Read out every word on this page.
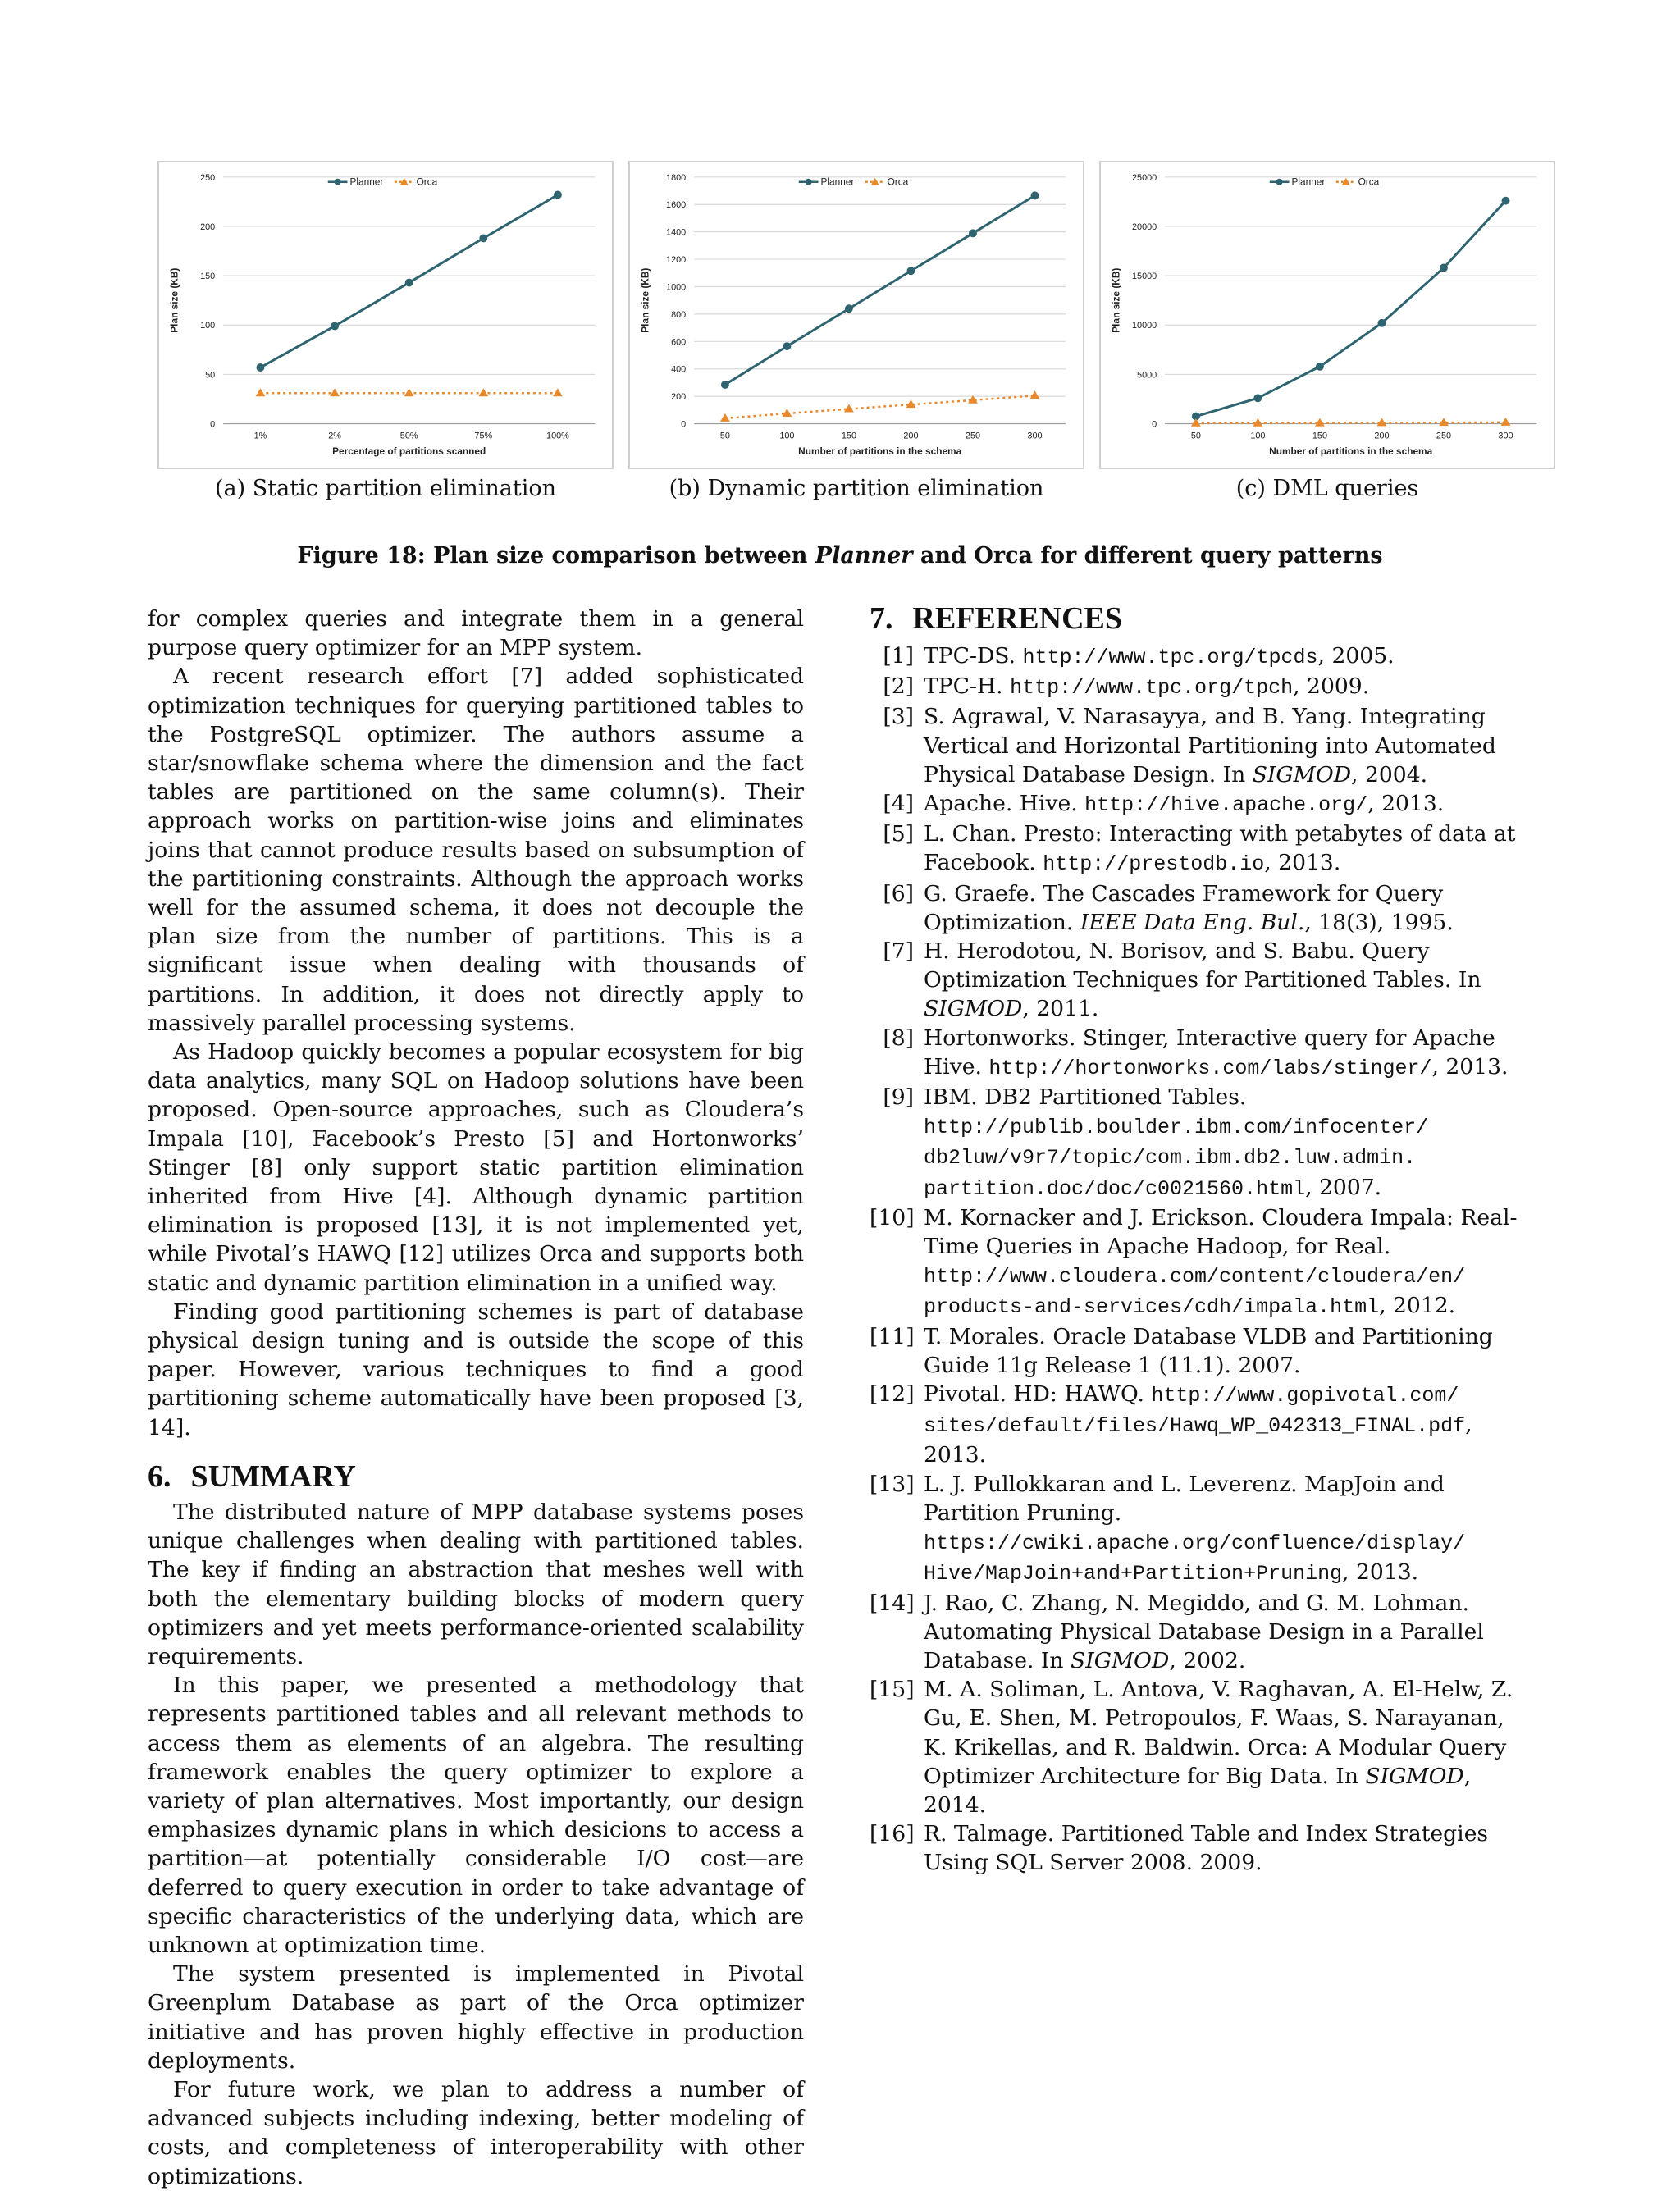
0
50
100
150
200
250
1%	2%	50%	75%	100%
Percentage of partitions scanned
Plan size (KB)
Planner	Orca
0
200
400
600
800
1000
1200
1400
1600
1800
50	100	150	200	250	300
Number of partitions in the schema
Plan size (KB)
Planner	Orca
0
5000
10000
15000
20000
25000
50	100	150	200	250	300
Number of partitions in the schema
Plan size (KB)
Planner	Orca
(a) Static partition elimination	(b) Dynamic partition elimination	(c) DML queries
Figure 18: Plan size comparison between Planner and Orca for different query patterns

for complex queries and integrate them in a general purpose query optimizer for an MPP system.

A recent research effort [7] added sophisticated optimization techniques for querying partitioned tables to the PostgreSQL optimizer. The authors assume a star/snowflake schema where the dimension and the fact tables are partitioned on the same column(s). Their approach works on partition-wise joins and eliminates joins that cannot produce results based on subsumption of the partitioning constraints. Although the approach works well for the assumed schema, it does not decouple the plan size from the number of partitions. This is a significant issue when dealing with thousands of partitions. In addition, it does not directly apply to massively parallel processing systems.

As Hadoop quickly becomes a popular ecosystem for big data analytics, many SQL on Hadoop solutions have been proposed. Open-source approaches, such as Cloudera’s Impala [10], Facebook’s Presto [5] and Hortonworks’ Stinger [8] only support static partition elimination inherited from Hive [4]. Although dynamic partition elimination is proposed [13], it is not implemented yet, while Pivotal’s HAWQ [12] utilizes Orca and supports both static and dynamic partition elimination in a unified way.

Finding good partitioning schemes is part of database physical design tuning and is outside the scope of this paper. However, various techniques to find a good partitioning scheme automatically have been proposed [3, 14].

6. SUMMARY

The distributed nature of MPP database systems poses unique challenges when dealing with partitioned tables. The key if finding an abstraction that meshes well with both the elementary building blocks of modern query optimizers and yet meets performance-oriented scalability requirements.

In this paper, we presented a methodology that represents partitioned tables and all relevant methods to access them as elements of an algebra. The resulting framework enables the query optimizer to explore a variety of plan alternatives. Most importantly, our design emphasizes dynamic plans in which desicions to access a partition—at potentially considerable I/O cost—are deferred to query execution in order to take advantage of specific characteristics of the underlying data, which are unknown at optimization time.

The system presented is implemented in Pivotal Greenplum Database as part of the Orca optimizer initiative and has proven highly effective in production deployments.

For future work, we plan to address a number of advanced subjects including indexing, better modeling of costs, and completeness of interoperability with other optimizations.

7. REFERENCES
[1] TPC-DS. http://www.tpc.org/tpcds, 2005.
[2] TPC-H. http://www.tpc.org/tpch, 2009.
[3] S. Agrawal, V. Narasayya, and B. Yang. Integrating Vertical and Horizontal Partitioning into Automated Physical Database Design. In SIGMOD, 2004.
[4] Apache. Hive. http://hive.apache.org/, 2013.
[5] L. Chan. Presto: Interacting with petabytes of data at Facebook. http://prestodb.io, 2013.
[6] G. Graefe. The Cascades Framework for Query Optimization. IEEE Data Eng. Bul., 18(3), 1995.
[7] H. Herodotou, N. Borisov, and S. Babu. Query Optimization Techniques for Partitioned Tables. In SIGMOD, 2011.
[8] Hortonworks. Stinger, Interactive query for Apache Hive. http://hortonworks.com/labs/stinger/, 2013.
[9] IBM. DB2 Partitioned Tables. http://publib.boulder.ibm.com/infocenter/ db2luw/v9r7/topic/com.ibm.db2.luw.admin. partition.doc/doc/c0021560.html, 2007.
[10] M. Kornacker and J. Erickson. Cloudera Impala: Real-Time Queries in Apache Hadoop, for Real. http://www.cloudera.com/content/cloudera/en/ products-and-services/cdh/impala.html, 2012.
[11] T. Morales. Oracle Database VLDB and Partitioning Guide 11g Release 1 (11.1). 2007.
[12] Pivotal. HD: HAWQ. http://www.gopivotal.com/ sites/default/files/Hawq_WP_042313_FINAL.pdf, 2013.
[13] L. J. Pullokkaran and L. Leverenz. MapJoin and Partition Pruning. https://cwiki.apache.org/confluence/display/ Hive/MapJoin+and+Partition+Pruning, 2013.
[14] J. Rao, C. Zhang, N. Megiddo, and G. M. Lohman. Automating Physical Database Design in a Parallel Database. In SIGMOD, 2002.
[15] M. A. Soliman, L. Antova, V. Raghavan, A. El-Helw, Z. Gu, E. Shen, M. Petropoulos, F. Waas, S. Narayanan, K. Krikellas, and R. Baldwin. Orca: A Modular Query Optimizer Architecture for Big Data. In SIGMOD, 2014.
[16] R. Talmage. Partitioned Table and Index Strategies Using SQL Server 2008. 2009.
